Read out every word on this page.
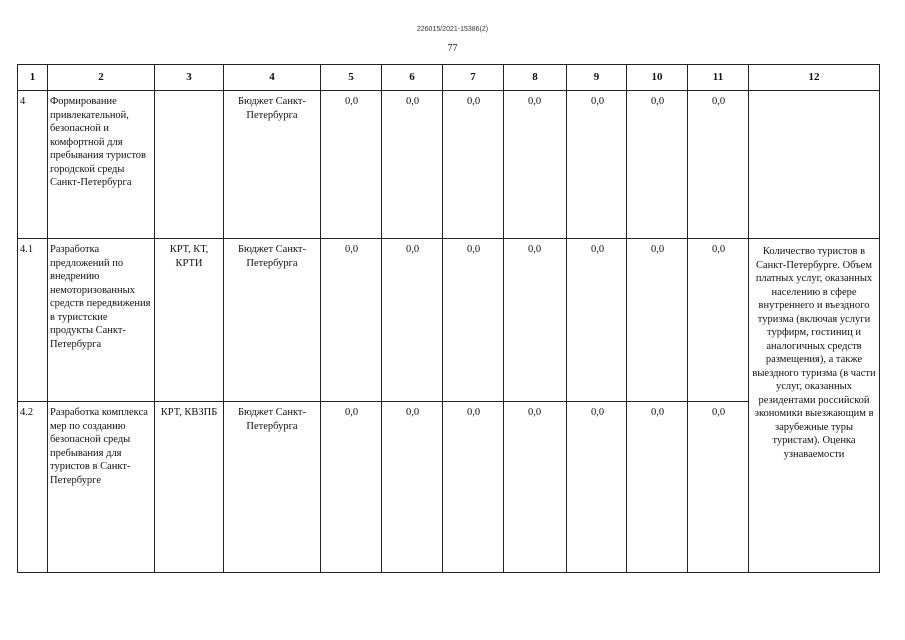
226015/2021-15386(2)
77
1	2	3	4	5	6	7	8	9	10	11	12
4	Формирование привлекательной, безопасной и комфортной для пребывания туристов городской среды Санкт-Петербурга		Бюджет Санкт-Петербурга	0,0	0,0	0,0	0,0	0,0	0,0	0,0	
4.1	Разработка предложений по внедрению немоторизованных средств передвижения в туристские продукты Санкт-Петербурга	КРТ, КТ, КРТИ	Бюджет Санкт-Петербурга	0,0	0,0	0,0	0,0	0,0	0,0	0,0	Количество туристов в Санкт-Петербурге. Объем платных услуг, оказанных населению в сфере внутреннего и въездного туризма (включая услуги турфирм, гостиниц и аналогичных средств размещения), а также выездного туризма (в части услуг, оказанных резидентами российской экономики выезжающим в зарубежные туры туристам). Оценка узнаваемости
4.2	Разработка комплекса мер по созданию безопасной среды пребывания для туристов в Санкт-Петербурге	КРТ, КВЗПБ	Бюджет Санкт-Петербурга	0,0	0,0	0,0	0,0	0,0	0,0	0,0	
